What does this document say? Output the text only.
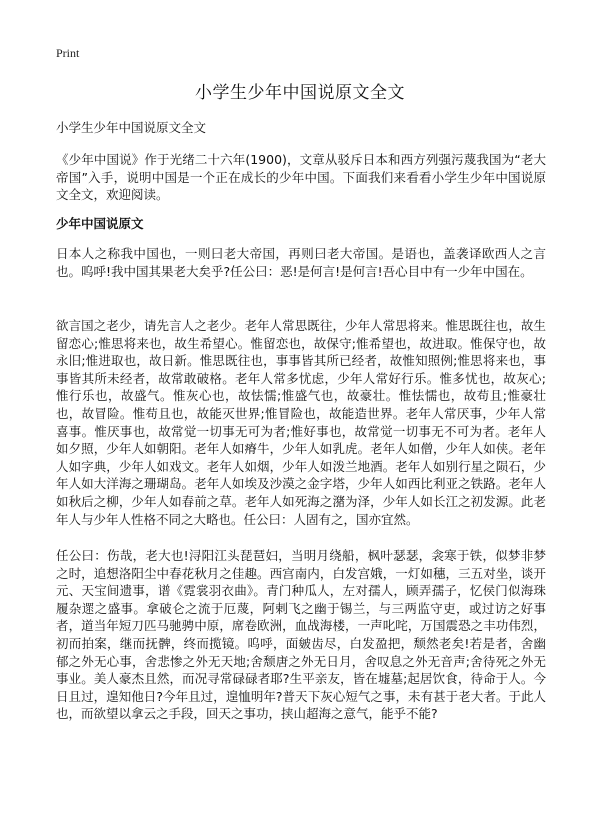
Print
小学生少年中国说原文全文
小学生少年中国说原文全文

《少年中国说》作于光绪二十六年(1900)，文章从驳斥日本和西方列强污蔑我国为“老大帝国”入手，说明中国是一个正在成长的少年中国。下面我们来看看小学生少年中国说原文全文，欢迎阅读。

少年中国说原文

日本人之称我中国也，一则曰老大帝国，再则曰老大帝国。是语也，盖袭译欧西人之言也。呜呼!我中国其果老大矣乎?任公曰：恶!是何言!是何言!吾心目中有一少年中国在。

欲言国之老少，请先言人之老少。老年人常思既往，少年人常思将来。惟思既往也，故生留恋心;惟思将来也，故生希望心。惟留恋也，故保守;惟希望也，故进取。惟保守也，故永旧;惟进取也，故日新。惟思既往也，事事皆其所已经者，故惟知照例;惟思将来也，事事皆其所未经者，故常敢破格。老年人常多忧虑，少年人常好行乐。惟多忧也，故灰心;惟行乐也，故盛气。惟灰心也，故怯懦;惟盛气也，故豪壮。惟怯懦也，故苟且;惟豪壮也，故冒险。惟苟且也，故能灭世界;惟冒险也，故能造世界。老年人常厌事，少年人常喜事。惟厌事也，故常觉一切事无可为者;惟好事也，故常觉一切事无不可为者。老年人如夕照，少年人如朝阳。老年人如瘠牛，少年人如乳虎。老年人如僧，少年人如侠。老年人如字典，少年人如戏文。老年人如烟，少年人如泼兰地酒。老年人如别行星之陨石，少年人如大洋海之珊瑚岛。老年人如埃及沙漠之金字塔，少年人如西比利亚之铁路。老年人如秋后之柳，少年人如春前之草。老年人如死海之潴为泽，少年人如长江之初发源。此老年人与少年人性格不同之大略也。任公曰：人固有之，国亦宜然。

任公曰：伤哉，老大也!浔阳江头琵琶妇，当明月绕船，枫叶瑟瑟，衾寒于铁，似梦非梦之时，追想洛阳尘中春花秋月之佳趣。西宫南内，白发宫娥，一灯如穗，三五对坐，谈开元、天宝间遗事，谱《霓裳羽衣曲》。青门种瓜人，左对孺人，顾弄孺子，忆侯门似海珠履杂遝之盛事。拿破仑之流于厄蔑，阿剌飞之幽于锡兰，与三两监守吏，或过访之好事者，道当年短刀匹马驰骋中原，席卷欧洲，血战海楼，一声叱咤，万国震恐之丰功伟烈，初而拍案，继而抚髀，终而揽镜。呜呼，面皴齿尽，白发盈把，颓然老矣!若是者，舍幽郁之外无心事，舍悲惨之外无天地;舍颓唐之外无日月，舍叹息之外无音声;舍待死之外无事业。美人豪杰且然，而况寻常碌碌者耶?生平亲友，皆在墟墓;起居饮食，待命于人。今日且过，遑知他日?今年且过，遑恤明年?普天下灰心短气之事，未有甚于老大者。于此人也，而欲望以拿云之手段，回天之事功，挟山超海之意气，能乎不能?
